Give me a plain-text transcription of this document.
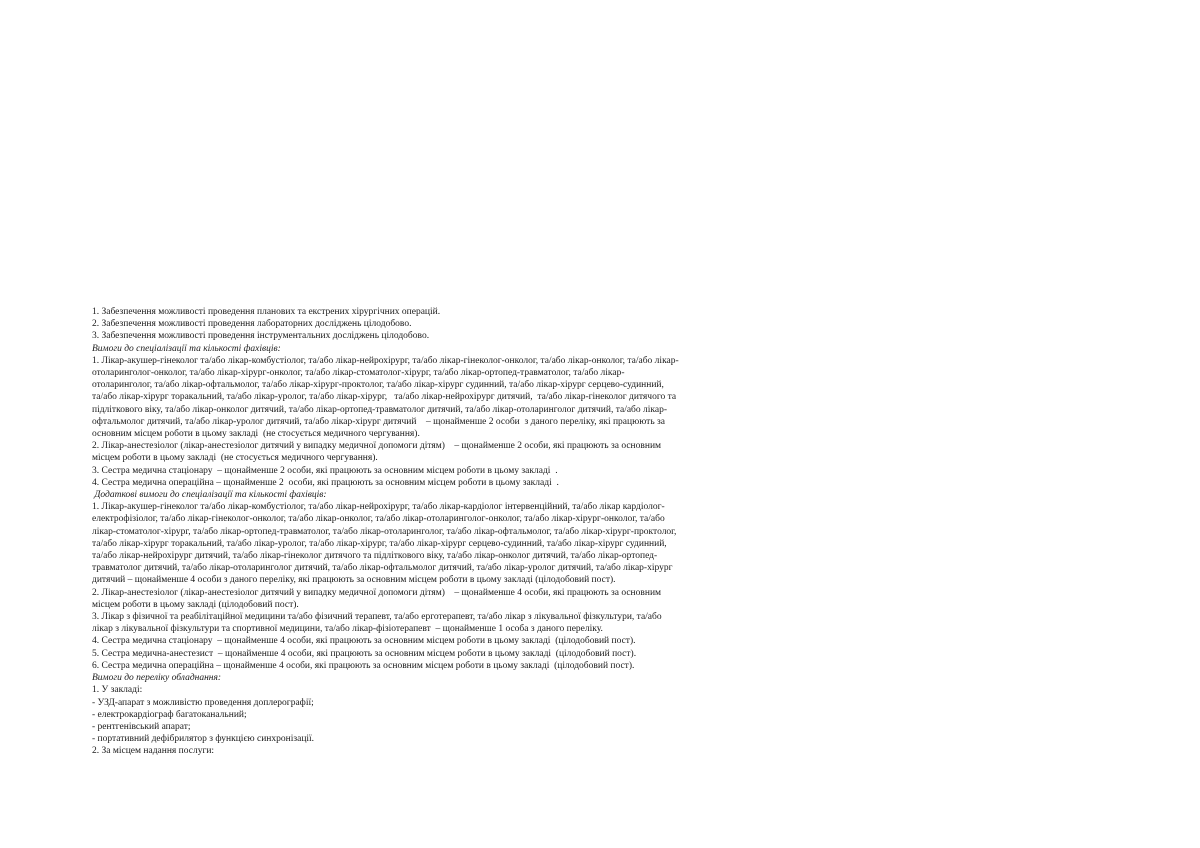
1. Забезпечення можливості проведення планових та екстрених хірургічних операцій.

2. Забезпечення можливості проведення лабораторних досліджень цілодобово.

3. Забезпечення можливості проведення інструментальних досліджень цілодобово.

Вимоги до спеціалізації та кількості фахівців:

1. Лікар-акушер-гінеколог та/або лікар-комбустіолог, та/або лікар-нейрохірург, та/або лікар-гінеколог-онколог, та/або лікар-онколог, та/або лікар-

отоларинголог-онколог, та/або лікар-хірург-онколог, та/або лікар-стоматолог-хірург, та/або лікар-ортопед-травматолог, та/або лікар-

отоларинголог, та/або лікар-офтальмолог, та/або лікар-хірург-проктолог, та/або лікар-хірург судинний, та/або лікар-хірург серцево-судинний,

та/або лікар-хірург торакальний, та/або лікар-уролог, та/або лікар-хірург,   та/або лікар-нейрохірург дитячий,  та/або лікар-гінеколог дитячого та

підліткового віку, та/або лікар-онколог дитячий, та/або лікар-ортопед-травматолог дитячий, та/або лікар-отоларинголог дитячий, та/або лікар-

офтальмолог дитячий, та/або лікар-уролог дитячий, та/або лікар-хірург дитячий    – щонайменше 2 особи  з даного переліку, які працюють за

основним місцем роботи в цьому закладі  (не стосується медичного чергування).

2. Лікар-анестезіолог (лікар-анестезіолог дитячий у випадку медичної допомоги дітям)    – щонайменше 2 особи, які працюють за основним

місцем роботи в цьому закладі  (не стосується медичного чергування).

3. Сестра медична стаціонару  – щонайменше 2 особи, які працюють за основним місцем роботи в цьому закладі  .

4. Сестра медична операційна – щонайменше 2  особи, які працюють за основним місцем роботи в цьому закладі  .

Додаткові вимоги до спеціалізації та кількості фахівців:

1. Лікар-акушер-гінеколог та/або лікар-комбустіолог, та/або лікар-нейрохірург, та/або лікар-кардіолог інтервенційний, та/або лікар кардіолог-

електрофізіолог, та/або лікар-гінеколог-онколог, та/або лікар-онколог, та/або лікар-отоларинголог-онколог, та/або лікар-хірург-онколог, та/або

лікар-стоматолог-хірург, та/або лікар-ортопед-травматолог, та/або лікар-отоларинголог, та/або лікар-офтальмолог, та/або лікар-хірург-проктолог,

та/або лікар-хірург торакальний, та/або лікар-уролог, та/або лікар-хірург, та/або лікар-хірург серцево-судинний, та/або лікар-хірург судинний,

та/або лікар-нейрохірург дитячий, та/або лікар-гінеколог дитячого та підліткового віку, та/або лікар-онколог дитячий, та/або лікар-ортопед-

травматолог дитячий, та/або лікар-отоларинголог дитячий, та/або лікар-офтальмолог дитячий, та/або лікар-уролог дитячий, та/або лікар-хірург

дитячий – щонайменше 4 особи з даного переліку, які працюють за основним місцем роботи в цьому закладі (цілодобовий пост).

2. Лікар-анестезіолог (лікар-анестезіолог дитячий у випадку медичної допомоги дітям)    – щонайменше 4 особи, які працюють за основним

місцем роботи в цьому закладі (цілодобовий пост).

3. Лікар з фізичної та реабілітаційної медицини та/або фізичний терапевт, та/або ерготерапевт, та/або лікар з лікувальної фізкультури, та/або

лікар з лікувальної фізкультури та спортивної медицини, та/або лікар-фізіотерапевт  – щонайменше 1 особа з даного переліку.

4. Сестра медична стаціонару  – щонайменше 4 особи, які працюють за основним місцем роботи в цьому закладі  (цілодобовий пост).

5. Сестра медична-анестезист  – щонайменше 4 особи, які працюють за основним місцем роботи в цьому закладі  (цілодобовий пост).

6. Сестра медична операційна – щонайменше 4 особи, які працюють за основним місцем роботи в цьому закладі  (цілодобовий пост).

Вимоги до переліку обладнання:

1. У закладі:

- УЗД-апарат з можливістю проведення доплерографії;

- електрокардіограф багатоканальний;

- рентгенівський апарат;

- портативний дефібрилятор з функцією синхронізації.

2. За місцем надання послуги:
